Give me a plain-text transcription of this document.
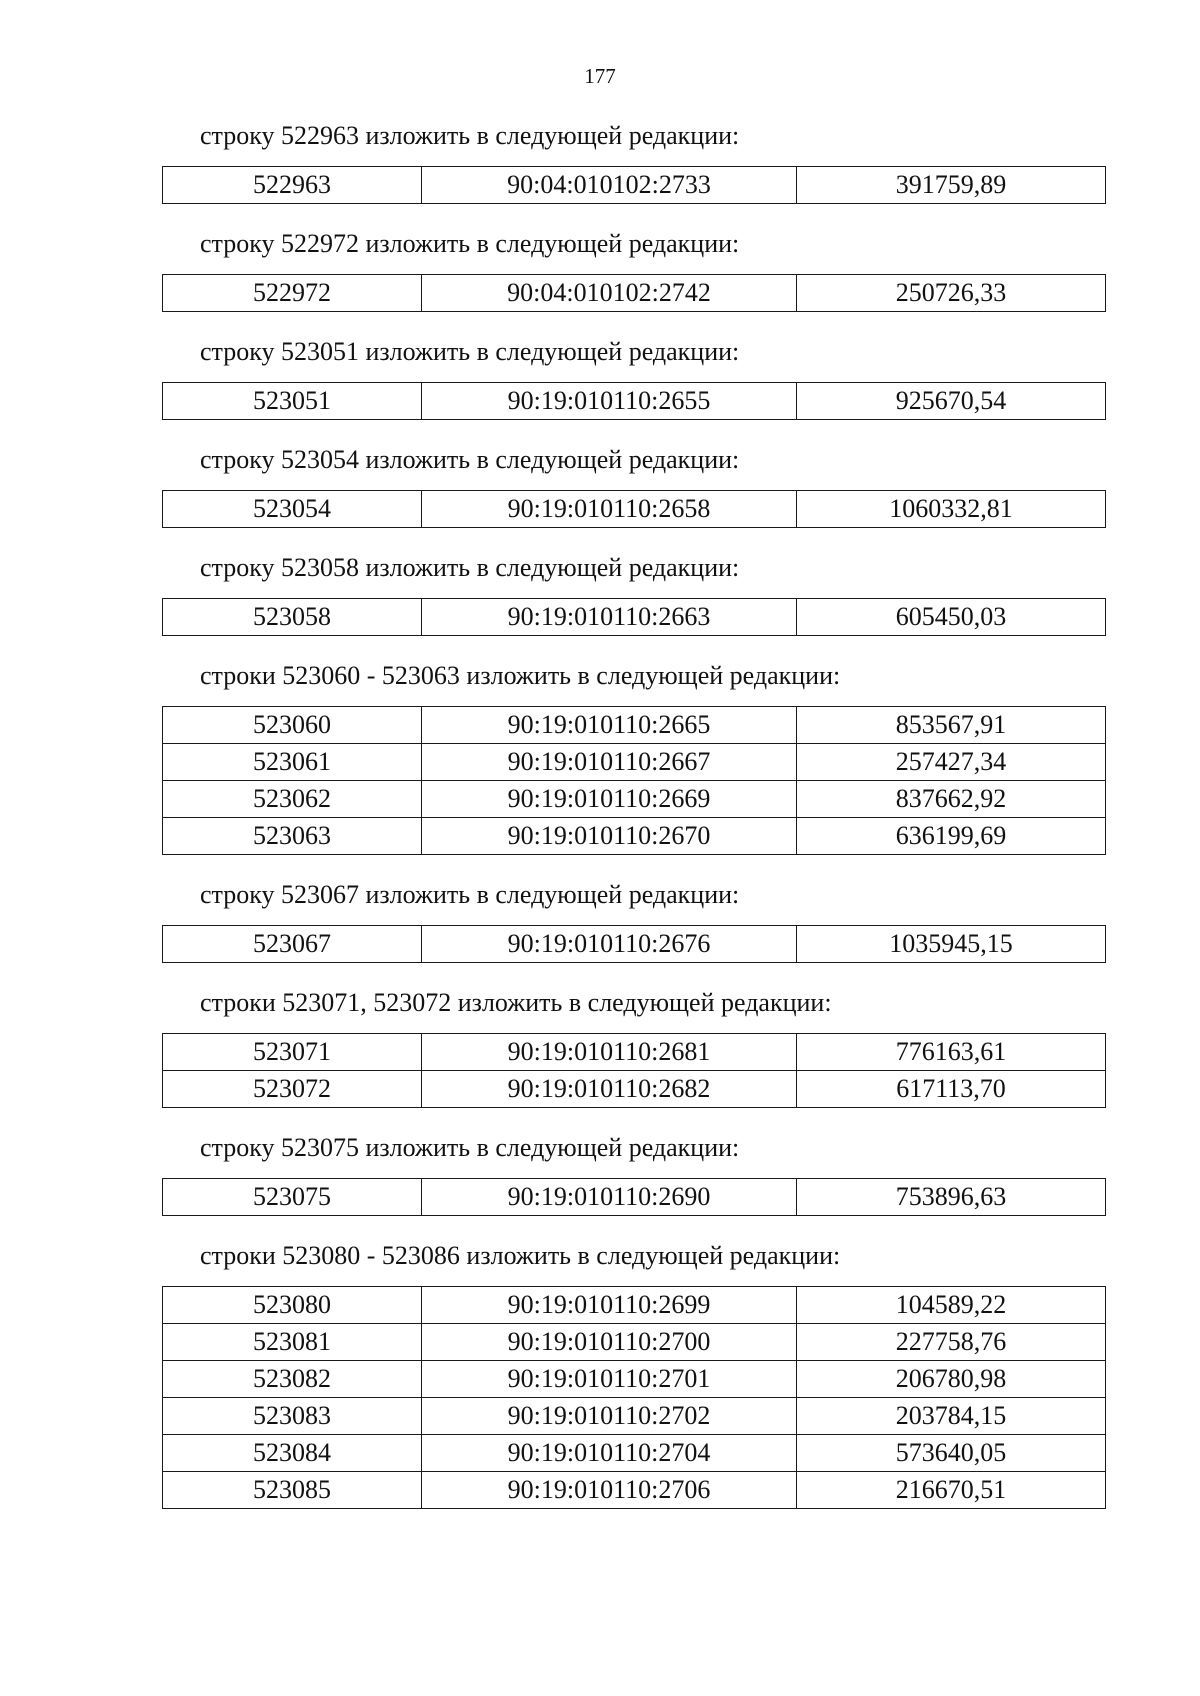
177
строку 522963 изложить в следующей редакции:
522963	90:04:010102:2733	391759,89
строку 522972 изложить в следующей редакции:
522972	90:04:010102:2742	250726,33
строку 523051 изложить в следующей редакции:
523051	90:19:010110:2655	925670,54
строку 523054 изложить в следующей редакции:
523054	90:19:010110:2658	1060332,81
строку 523058 изложить в следующей редакции:
523058	90:19:010110:2663	605450,03
строки 523060 - 523063 изложить в следующей редакции:
523060	90:19:010110:2665	853567,91
523061	90:19:010110:2667	257427,34
523062	90:19:010110:2669	837662,92
523063	90:19:010110:2670	636199,69
строку 523067 изложить в следующей редакции:
523067	90:19:010110:2676	1035945,15
строки 523071, 523072 изложить в следующей редакции:
523071	90:19:010110:2681	776163,61
523072	90:19:010110:2682	617113,70
строку 523075 изложить в следующей редакции:
523075	90:19:010110:2690	753896,63
строки 523080 - 523086 изложить в следующей редакции:
523080	90:19:010110:2699	104589,22
523081	90:19:010110:2700	227758,76
523082	90:19:010110:2701	206780,98
523083	90:19:010110:2702	203784,15
523084	90:19:010110:2704	573640,05
523085	90:19:010110:2706	216670,51
